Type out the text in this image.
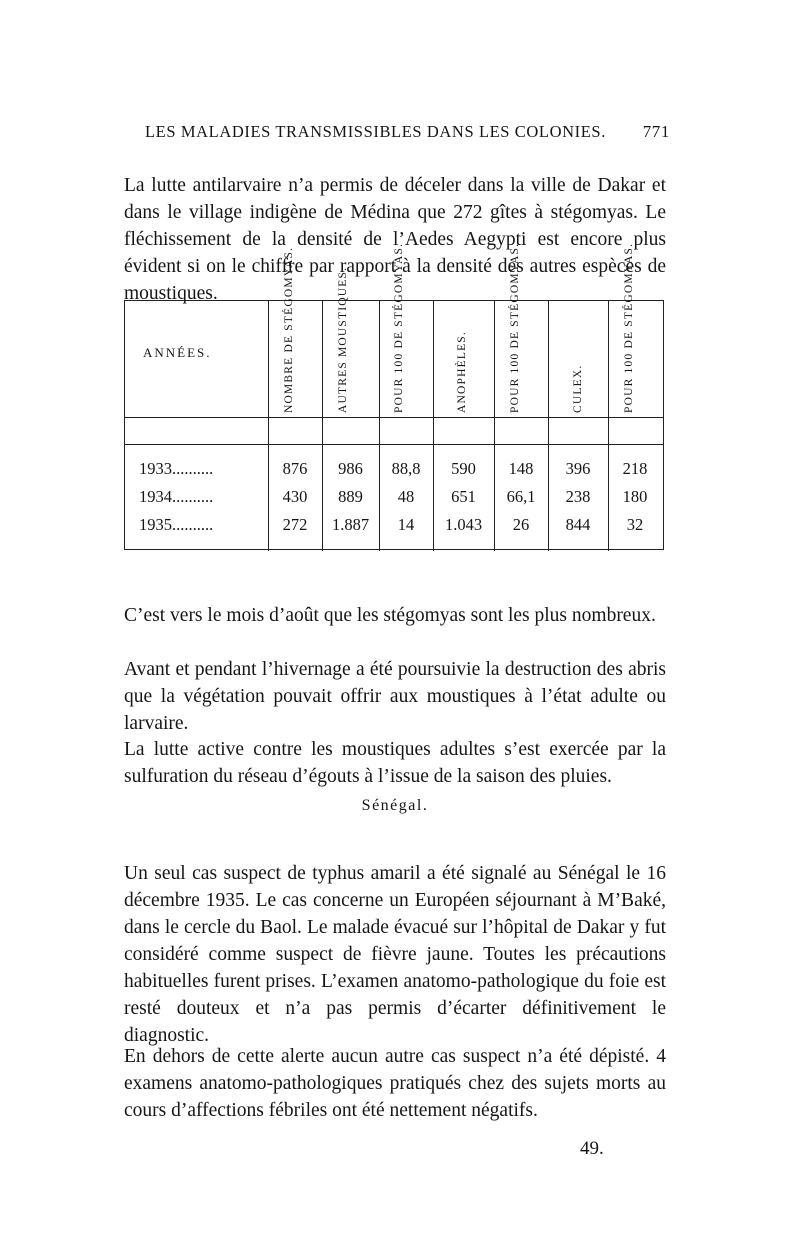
LES MALADIES TRANSMISSIBLES DANS LES COLONIES. 771

La lutte antilarvaire n’a permis de déceler dans la ville de Dakar et dans le village indigène de Médina que 272 gîtes à stégomyas. Le fléchissement de la densité de l’Aedes Aegypti est encore plus évident si on le chiffre par rapport à la densité des autres espèces de moustiques.

ANNÉES.	NOMBRE DE STÉGOMYAS.	AUTRES MOUSTIQUES.	POUR 100 DE STÉGOMYAS.	ANOPHÈLES.	POUR 100 DE STÉGOMYAS.	CULEX.	POUR 100 DE STÉGOMYAS.
1933..........	876	986	88,8	590	148	396	218
1934..........	430	889	48	651	66,1	238	180
1935..........	272	1.887	14	1.043	26	844	32

C’est vers le mois d’août que les stégomyas sont les plus nombreux.

Avant et pendant l’hivernage a été poursuivie la destruction des abris que la végétation pouvait offrir aux moustiques à l’état adulte ou larvaire.

La lutte active contre les moustiques adultes s’est exercée par la sulfuration du réseau d’égouts à l’issue de la saison des pluies.

Sénégal.

Un seul cas suspect de typhus amaril a été signalé au Sénégal le 16 décembre 1935. Le cas concerne un Européen séjournant à M’Baké, dans le cercle du Baol. Le malade évacué sur l’hôpital de Dakar y fut considéré comme suspect de fièvre jaune. Toutes les précautions habituelles furent prises. L’examen anatomo-pathologique du foie est resté douteux et n’a pas permis d’écarter définitivement le diagnostic.

En dehors de cette alerte aucun autre cas suspect n’a été dépisté. 4 examens anatomo-pathologiques pratiqués chez des sujets morts au cours d’affections fébriles ont été nettement négatifs.

49.
